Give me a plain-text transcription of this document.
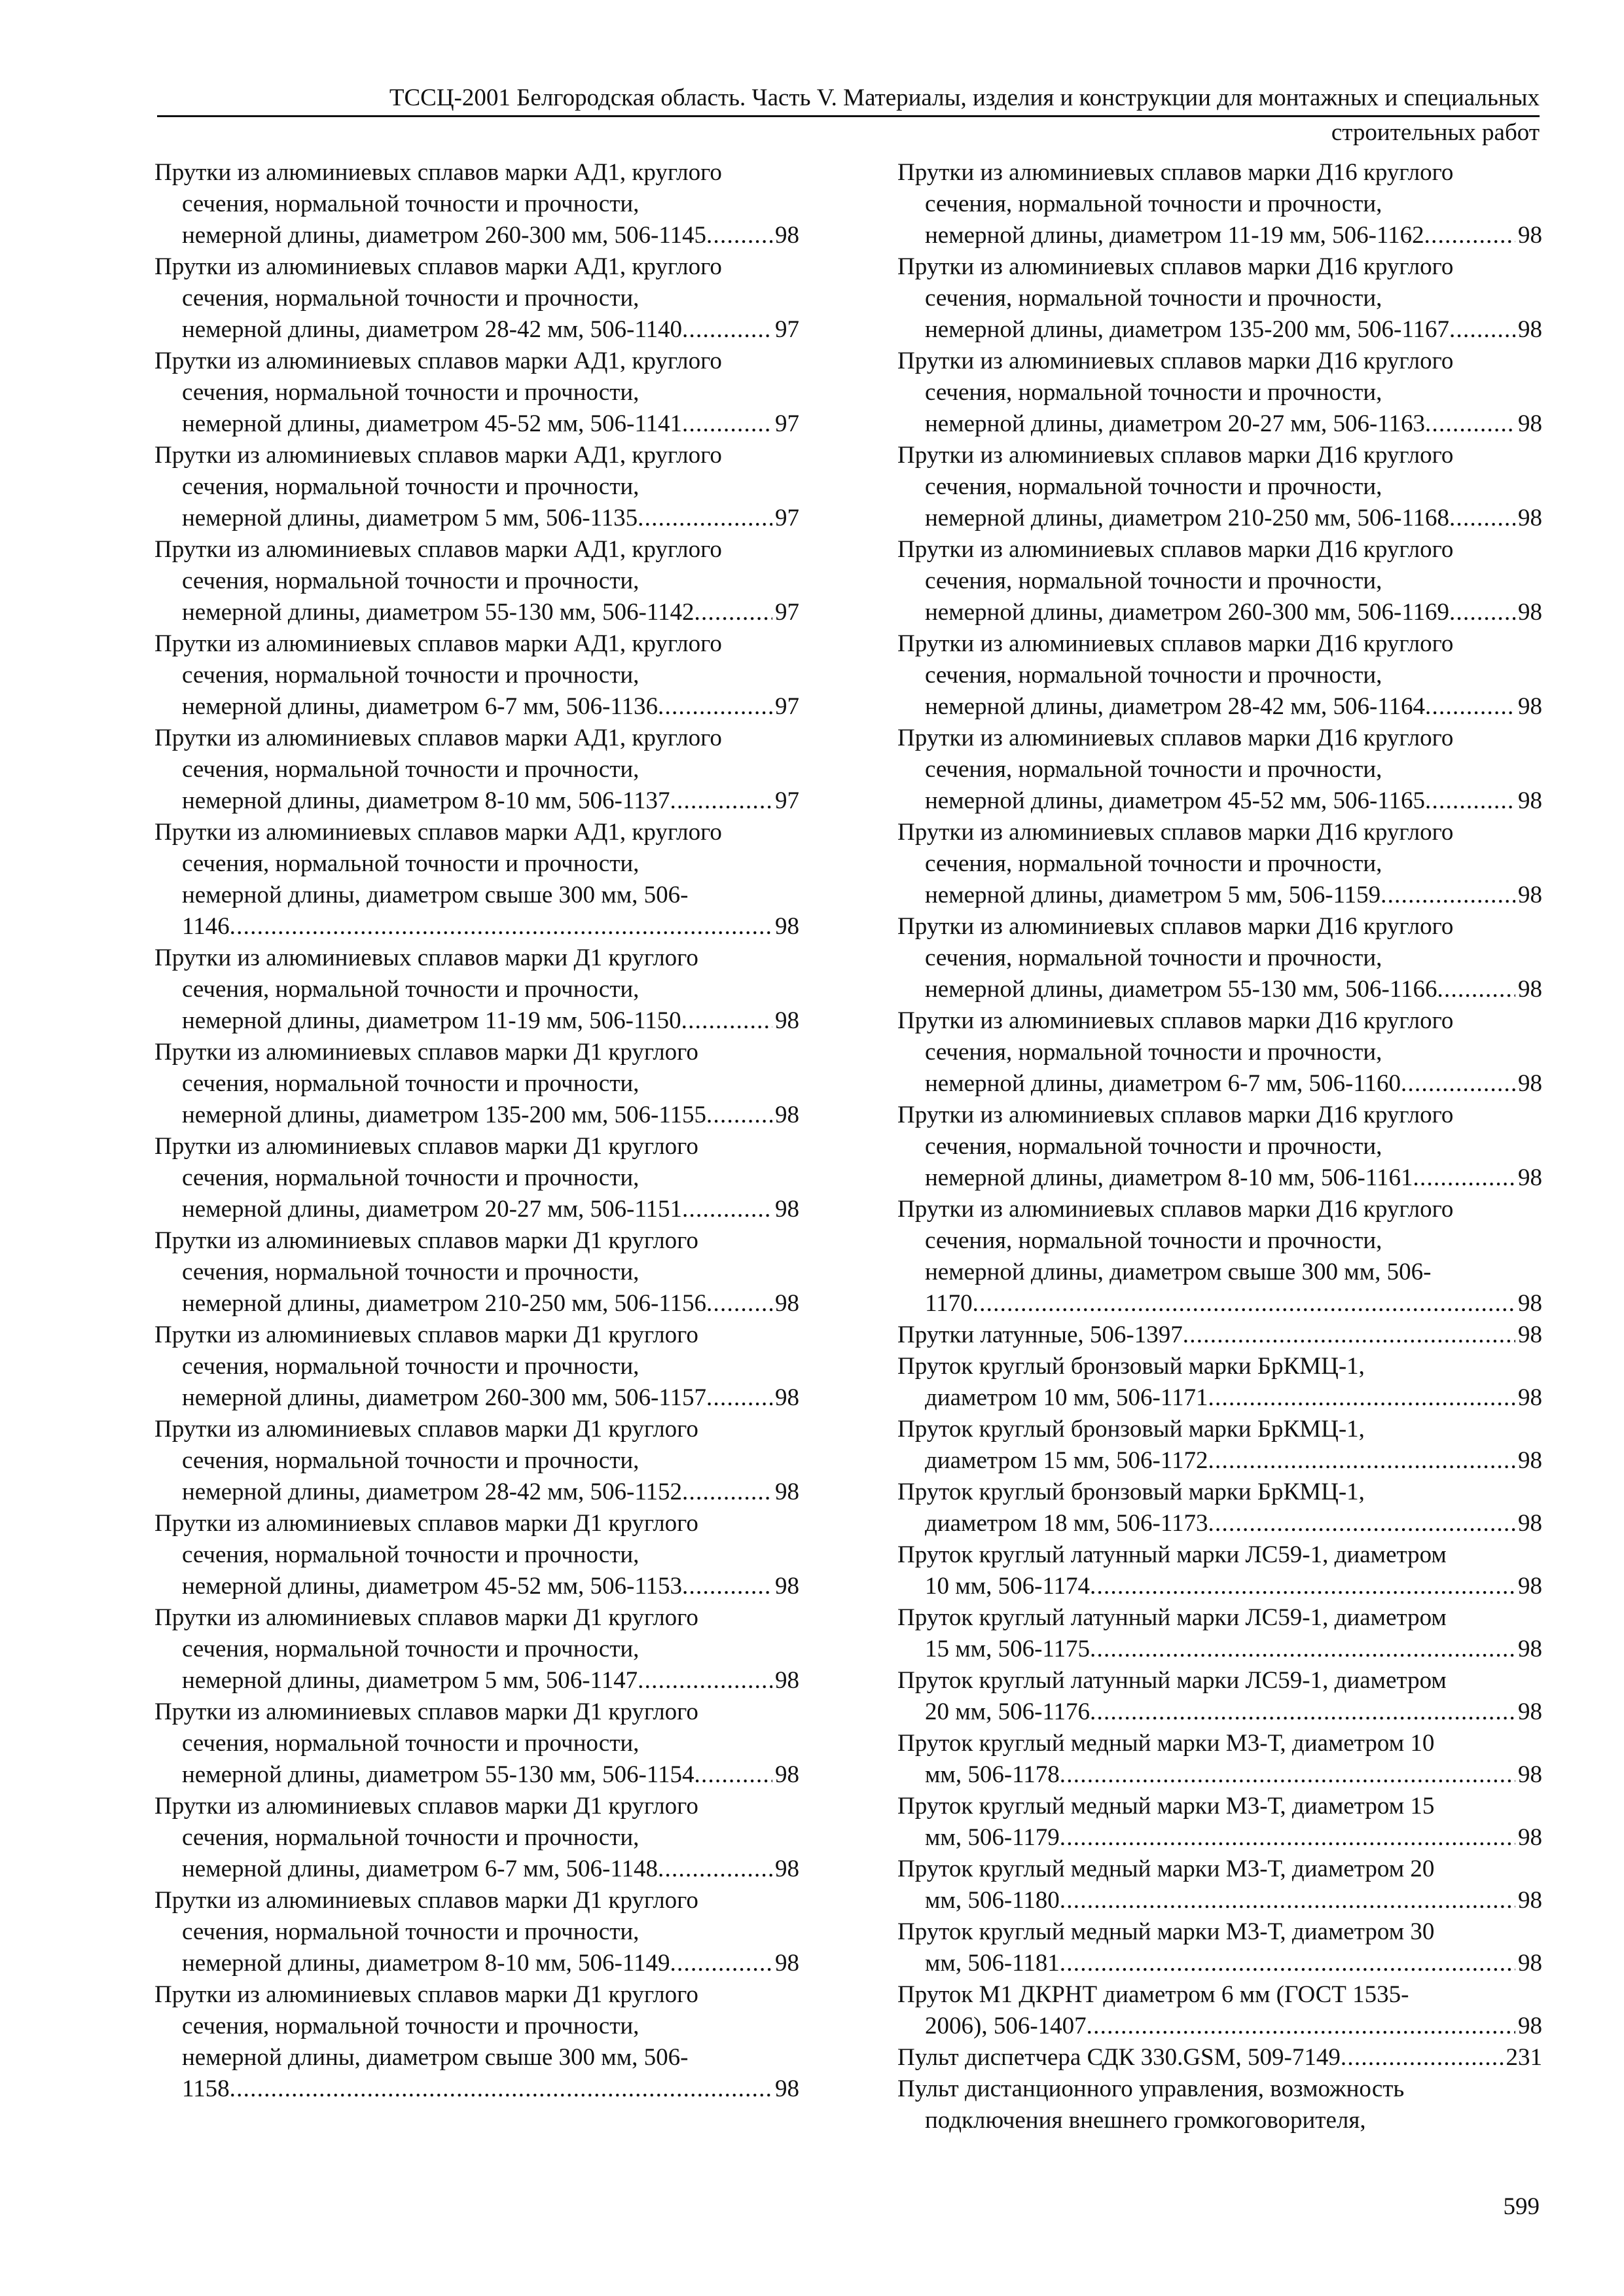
ТССЦ-2001 Белгородская область. Часть V. Материалы, изделия и конструкции для монтажных и специальных
строительных работ
Прутки из алюминиевых сплавов марки АД1, круглого
сечения, нормальной точности и прочности,
немерной длины, диаметром 260-300 мм, 506-1145 . . .	98
Прутки из алюминиевых сплавов марки АД1, круглого
сечения, нормальной точности и прочности,
немерной длины, диаметром 28-42 мм, 506-1140 . . .	97
Прутки из алюминиевых сплавов марки АД1, круглого
сечения, нормальной точности и прочности,
немерной длины, диаметром 45-52 мм, 506-1141 . . .	97
Прутки из алюминиевых сплавов марки АД1, круглого
сечения, нормальной точности и прочности,
немерной длины, диаметром 5 мм, 506-1135 . . .	97
Прутки из алюминиевых сплавов марки АД1, круглого
сечения, нормальной точности и прочности,
немерной длины, диаметром 55-130 мм, 506-1142 . . .	97
Прутки из алюминиевых сплавов марки АД1, круглого
сечения, нормальной точности и прочности,
немерной длины, диаметром 6-7 мм, 506-1136 . . .	97
Прутки из алюминиевых сплавов марки АД1, круглого
сечения, нормальной точности и прочности,
немерной длины, диаметром 8-10 мм, 506-1137 . . .	97
Прутки из алюминиевых сплавов марки АД1, круглого
сечения, нормальной точности и прочности,
немерной длины, диаметром свыше 300 мм, 506-
1146 . . .	98
Прутки из алюминиевых сплавов марки Д1 круглого
сечения, нормальной точности и прочности,
немерной длины, диаметром 11-19 мм, 506-1150 . . .	98
Прутки из алюминиевых сплавов марки Д1 круглого
сечения, нормальной точности и прочности,
немерной длины, диаметром 135-200 мм, 506-1155 . . .	98
Прутки из алюминиевых сплавов марки Д1 круглого
сечения, нормальной точности и прочности,
немерной длины, диаметром 20-27 мм, 506-1151 . . .	98
Прутки из алюминиевых сплавов марки Д1 круглого
сечения, нормальной точности и прочности,
немерной длины, диаметром 210-250 мм, 506-1156 . . .	98
Прутки из алюминиевых сплавов марки Д1 круглого
сечения, нормальной точности и прочности,
немерной длины, диаметром 260-300 мм, 506-1157 . . .	98
Прутки из алюминиевых сплавов марки Д1 круглого
сечения, нормальной точности и прочности,
немерной длины, диаметром 28-42 мм, 506-1152 . . .	98
Прутки из алюминиевых сплавов марки Д1 круглого
сечения, нормальной точности и прочности,
немерной длины, диаметром 45-52 мм, 506-1153 . . .	98
Прутки из алюминиевых сплавов марки Д1 круглого
сечения, нормальной точности и прочности,
немерной длины, диаметром 5 мм, 506-1147 . . .	98
Прутки из алюминиевых сплавов марки Д1 круглого
сечения, нормальной точности и прочности,
немерной длины, диаметром 55-130 мм, 506-1154 . . .	98
Прутки из алюминиевых сплавов марки Д1 круглого
сечения, нормальной точности и прочности,
немерной длины, диаметром 6-7 мм, 506-1148 . . .	98
Прутки из алюминиевых сплавов марки Д1 круглого
сечения, нормальной точности и прочности,
немерной длины, диаметром 8-10 мм, 506-1149 . . .	98
Прутки из алюминиевых сплавов марки Д1 круглого
сечения, нормальной точности и прочности,
немерной длины, диаметром свыше 300 мм, 506-
1158 . . .	98
Прутки из алюминиевых сплавов марки Д16 круглого
сечения, нормальной точности и прочности,
немерной длины, диаметром 11-19 мм, 506-1162 . . .	98
Прутки из алюминиевых сплавов марки Д16 круглого
сечения, нормальной точности и прочности,
немерной длины, диаметром 135-200 мм, 506-1167 . . .	98
Прутки из алюминиевых сплавов марки Д16 круглого
сечения, нормальной точности и прочности,
немерной длины, диаметром 20-27 мм, 506-1163 . . .	98
Прутки из алюминиевых сплавов марки Д16 круглого
сечения, нормальной точности и прочности,
немерной длины, диаметром 210-250 мм, 506-1168 . . .	98
Прутки из алюминиевых сплавов марки Д16 круглого
сечения, нормальной точности и прочности,
немерной длины, диаметром 260-300 мм, 506-1169 . . .	98
Прутки из алюминиевых сплавов марки Д16 круглого
сечения, нормальной точности и прочности,
немерной длины, диаметром 28-42 мм, 506-1164 . . .	98
Прутки из алюминиевых сплавов марки Д16 круглого
сечения, нормальной точности и прочности,
немерной длины, диаметром 45-52 мм, 506-1165 . . .	98
Прутки из алюминиевых сплавов марки Д16 круглого
сечения, нормальной точности и прочности,
немерной длины, диаметром 5 мм, 506-1159 . . .	98
Прутки из алюминиевых сплавов марки Д16 круглого
сечения, нормальной точности и прочности,
немерной длины, диаметром 55-130 мм, 506-1166 . . .	98
Прутки из алюминиевых сплавов марки Д16 круглого
сечения, нормальной точности и прочности,
немерной длины, диаметром 6-7 мм, 506-1160 . . .	98
Прутки из алюминиевых сплавов марки Д16 круглого
сечения, нормальной точности и прочности,
немерной длины, диаметром 8-10 мм, 506-1161 . . .	98
Прутки из алюминиевых сплавов марки Д16 круглого
сечения, нормальной точности и прочности,
немерной длины, диаметром свыше 300 мм, 506-
1170 . . .	98
Прутки латунные, 506-1397 . . .	98
Пруток круглый бронзовый марки БрКМЦ-1,
диаметром 10 мм, 506-1171 . . .	98
Пруток круглый бронзовый марки БрКМЦ-1,
диаметром 15 мм, 506-1172 . . .	98
Пруток круглый бронзовый марки БрКМЦ-1,
диаметром 18 мм, 506-1173 . . .	98
Пруток круглый латунный марки ЛС59-1, диаметром
10 мм, 506-1174 . . .	98
Пруток круглый латунный марки ЛС59-1, диаметром
15 мм, 506-1175 . . .	98
Пруток круглый латунный марки ЛС59-1, диаметром
20 мм, 506-1176 . . .	98
Пруток круглый медный марки М3-Т, диаметром 10
мм, 506-1178 . . .	98
Пруток круглый медный марки М3-Т, диаметром 15
мм, 506-1179 . . .	98
Пруток круглый медный марки М3-Т, диаметром 20
мм, 506-1180 . . .	98
Пруток круглый медный марки М3-Т, диаметром 30
мм, 506-1181 . . .	98
Пруток М1 ДКРНТ диаметром 6 мм (ГОСТ 1535-
2006), 506-1407 . . .	98
Пульт диспетчера СДК 330.GSM, 509-7149 . . .	231
Пульт дистанционного управления, возможность
подключения внешнего громкоговорителя,
599
